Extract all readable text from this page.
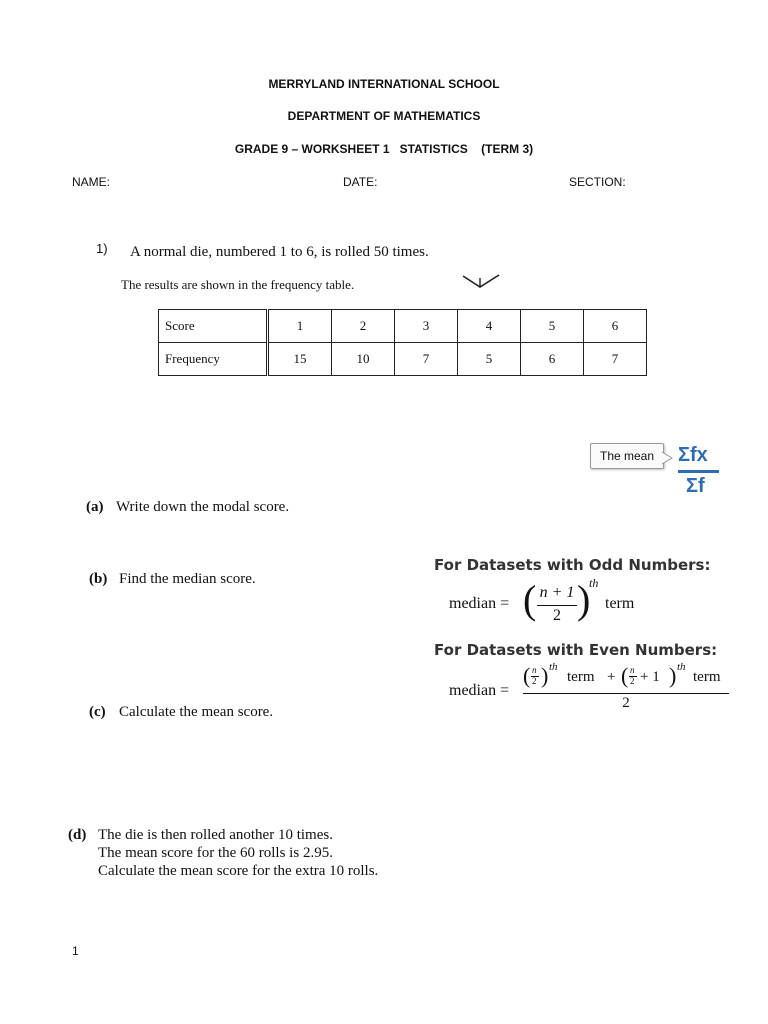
MERRYLAND INTERNATIONAL SCHOOL
DEPARTMENT OF MATHEMATICS
GRADE 9 – WORKSHEET 1   STATISTICS    (TERM 3)
NAME:	DATE:	SECTION:
1) A normal die, numbered 1 to 6, is rolled 50 times.
The results are shown in the frequency table.
Score	1	2	3	4	5	6
Frequency	15	10	7	5	6	7
The mean	Σfx
Σf
(a) Write down the modal score.
(b) Find the median score.
For Datasets with Odd Numbers:
median = ( n + 1
2 )
th
term
For Datasets with Even Numbers:
median =
( n
2 ) th
term + ( n
2 + 1 ) th
term
2
(c) Calculate the mean score.
(d) The die is then rolled another 10 times.
The mean score for the 60 rolls is 2.95.
Calculate the mean score for the extra 10 rolls.
1
